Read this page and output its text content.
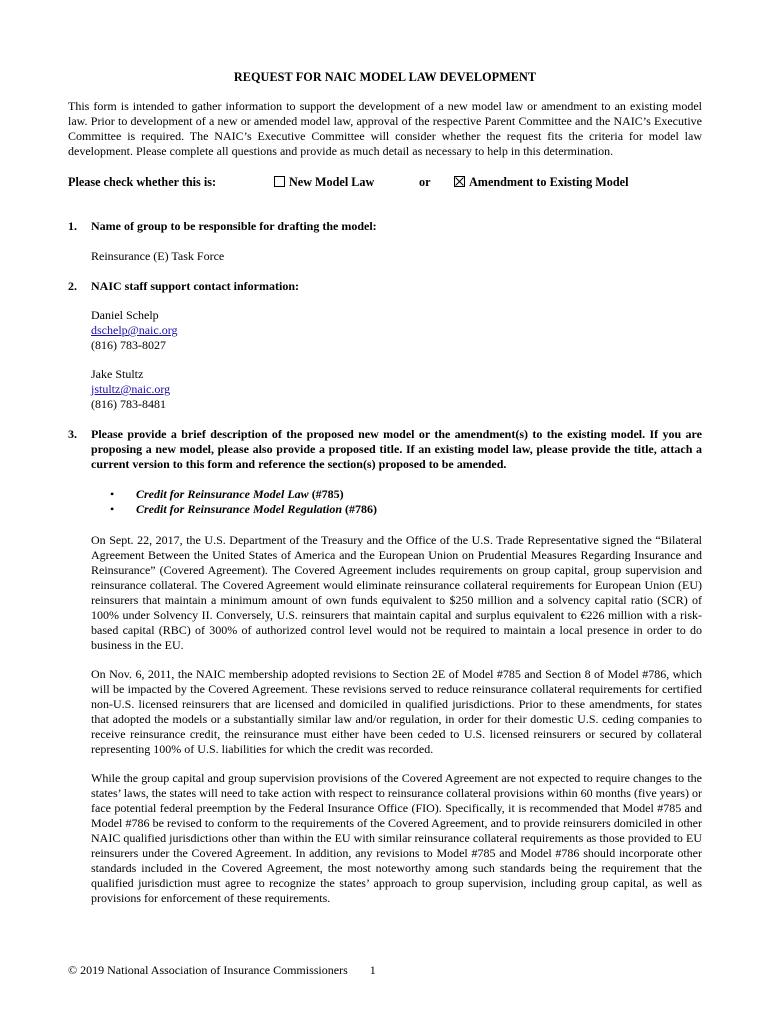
REQUEST FOR NAIC MODEL LAW DEVELOPMENT
This form is intended to gather information to support the development of a new model law or amendment to an existing model law. Prior to development of a new or amended model law, approval of the respective Parent Committee and the NAIC’s Executive Committee is required. The NAIC’s Executive Committee will consider whether the request fits the criteria for model law development. Please complete all questions and provide as much detail as necessary to help in this determination.
Please check whether this is:	New Model Law	or	Amendment to Existing Model
1. Name of group to be responsible for drafting the model:
Reinsurance (E) Task Force
2. NAIC staff support contact information:
Daniel Schelp
dschelp@naic.org
(816) 783-8027
Jake Stultz
jstultz@naic.org
(816) 783-8481
3. Please provide a brief description of the proposed new model or the amendment(s) to the existing model. If you are proposing a new model, please also provide a proposed title. If an existing model law, please provide the title, attach a current version to this form and reference the section(s) proposed to be amended.
• Credit for Reinsurance Model Law (#785)
• Credit for Reinsurance Model Regulation (#786)
On Sept. 22, 2017, the U.S. Department of the Treasury and the Office of the U.S. Trade Representative signed the “Bilateral Agreement Between the United States of America and the European Union on Prudential Measures Regarding Insurance and Reinsurance” (Covered Agreement). The Covered Agreement includes requirements on group capital, group supervision and reinsurance collateral. The Covered Agreement would eliminate reinsurance collateral requirements for European Union (EU) reinsurers that maintain a minimum amount of own funds equivalent to $250 million and a solvency capital ratio (SCR) of 100% under Solvency II. Conversely, U.S. reinsurers that maintain capital and surplus equivalent to €226 million with a risk-based capital (RBC) of 300% of authorized control level would not be required to maintain a local presence in order to do business in the EU.
On Nov. 6, 2011, the NAIC membership adopted revisions to Section 2E of Model #785 and Section 8 of Model #786, which will be impacted by the Covered Agreement. These revisions served to reduce reinsurance collateral requirements for certified non-U.S. licensed reinsurers that are licensed and domiciled in qualified jurisdictions. Prior to these amendments, for states that adopted the models or a substantially similar law and/or regulation, in order for their domestic U.S. ceding companies to receive reinsurance credit, the reinsurance must either have been ceded to U.S. licensed reinsurers or secured by collateral representing 100% of U.S. liabilities for which the credit was recorded.
While the group capital and group supervision provisions of the Covered Agreement are not expected to require changes to the states’ laws, the states will need to take action with respect to reinsurance collateral provisions within 60 months (five years) or face potential federal preemption by the Federal Insurance Office (FIO). Specifically, it is recommended that Model #785 and Model #786 be revised to conform to the requirements of the Covered Agreement, and to provide reinsurers domiciled in other NAIC qualified jurisdictions other than within the EU with similar reinsurance collateral requirements as those provided to EU reinsurers under the Covered Agreement. In addition, any revisions to Model #785 and Model #786 should incorporate other standards included in the Covered Agreement, the most noteworthy among such standards being the requirement that the qualified jurisdiction must agree to recognize the states’ approach to group supervision, including group capital, as well as provisions for enforcement of these requirements.
© 2019 National Association of Insurance Commissioners 1
